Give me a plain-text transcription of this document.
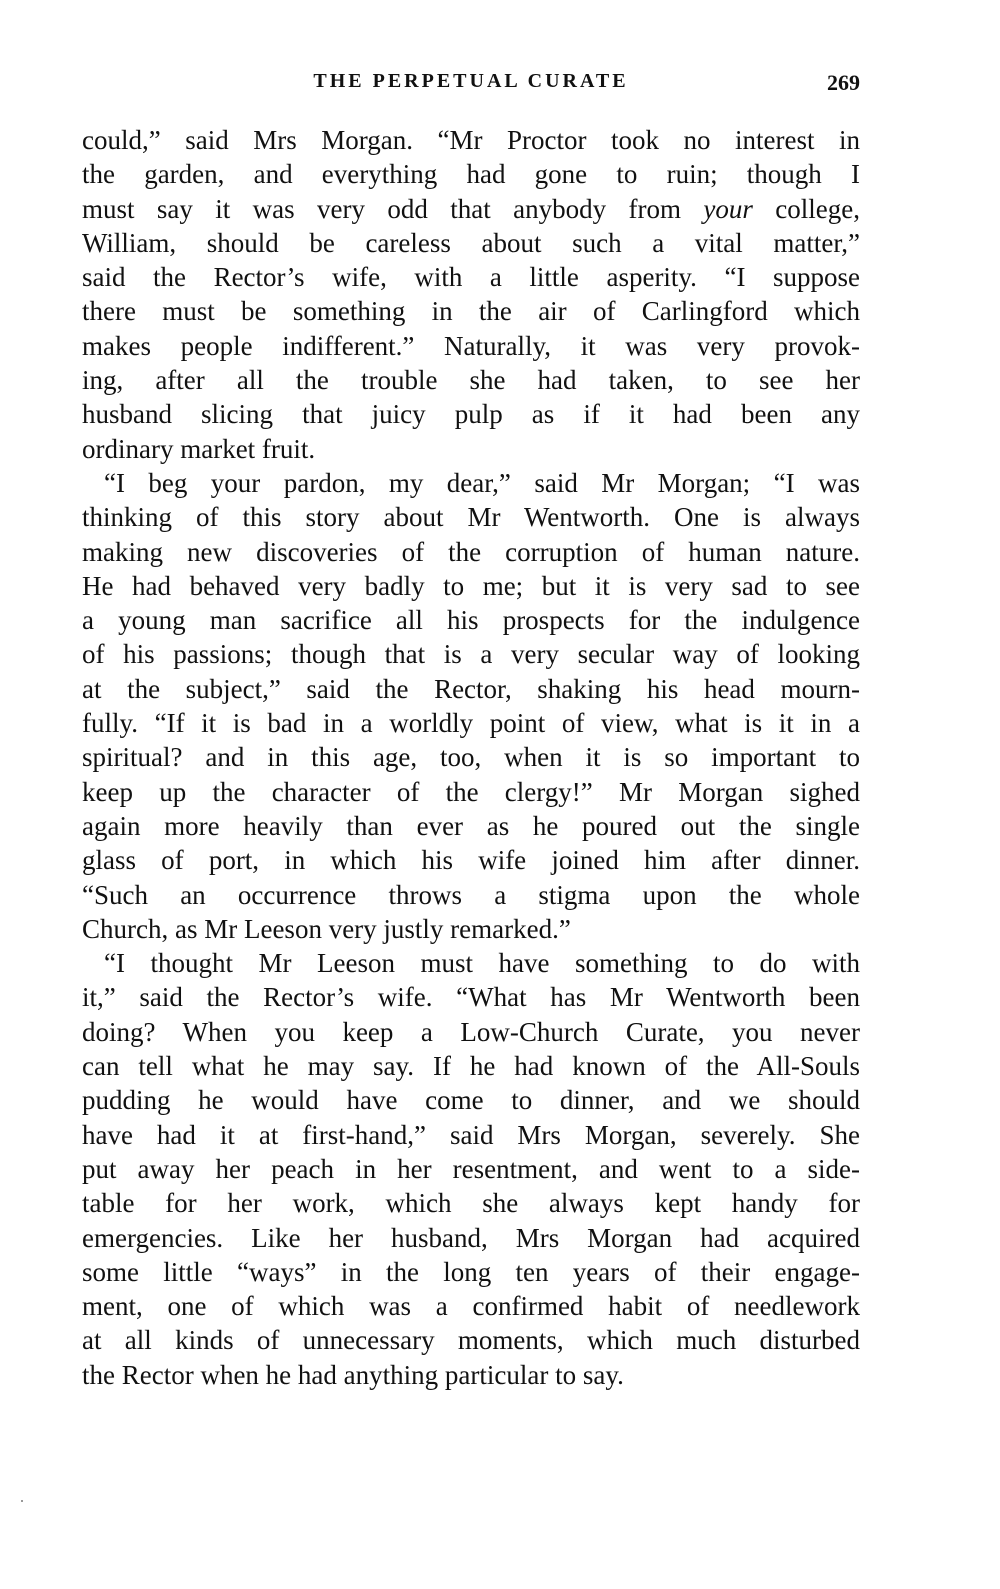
THE PERPETUAL CURATE	269
could,” said Mrs Morgan. “Mr Proctor took no interest in
the garden, and everything had gone to ruin; though I
must say it was very odd that anybody from your college,
William, should be careless about such a vital matter,”
said the Rector’s wife, with a little asperity. “I suppose
there must be something in the air of Carlingford which
makes people indifferent.” Naturally, it was very provok-
ing, after all the trouble she had taken, to see her
husband slicing that juicy pulp as if it had been any
ordinary market fruit.
“I beg your pardon, my dear,” said Mr Morgan; “I was
thinking of this story about Mr Wentworth. One is always
making new discoveries of the corruption of human nature.
He had behaved very badly to me; but it is very sad to see
a young man sacrifice all his prospects for the indulgence
of his passions; though that is a very secular way of looking
at the subject,” said the Rector, shaking his head mourn-
fully. “If it is bad in a worldly point of view, what is it in a
spiritual? and in this age, too, when it is so important to
keep up the character of the clergy!” Mr Morgan sighed
again more heavily than ever as he poured out the single
glass of port, in which his wife joined him after dinner.
“Such an occurrence throws a stigma upon the whole
Church, as Mr Leeson very justly remarked.”
“I thought Mr Leeson must have something to do with
it,” said the Rector’s wife. “What has Mr Wentworth been
doing? When you keep a Low-Church Curate, you never
can tell what he may say. If he had known of the All-Souls
pudding he would have come to dinner, and we should
have had it at first-hand,” said Mrs Morgan, severely. She
put away her peach in her resentment, and went to a side-
table for her work, which she always kept handy for
emergencies. Like her husband, Mrs Morgan had acquired
some little “ways” in the long ten years of their engage-
ment, one of which was a confirmed habit of needlework
at all kinds of unnecessary moments, which much disturbed
the Rector when he had anything particular to say.
